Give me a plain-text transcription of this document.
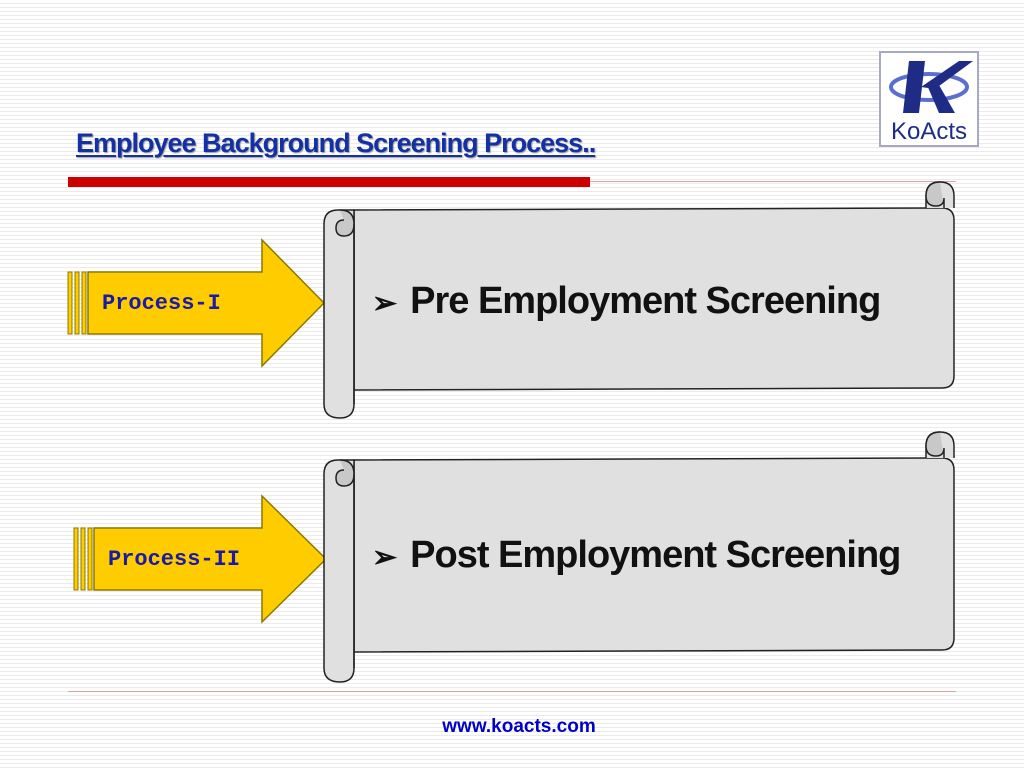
KoActs
Employee Background Screening Process..
Process-I
Process-II
➢ Pre Employment Screening
➢ Post Employment Screening
www.koacts.com
